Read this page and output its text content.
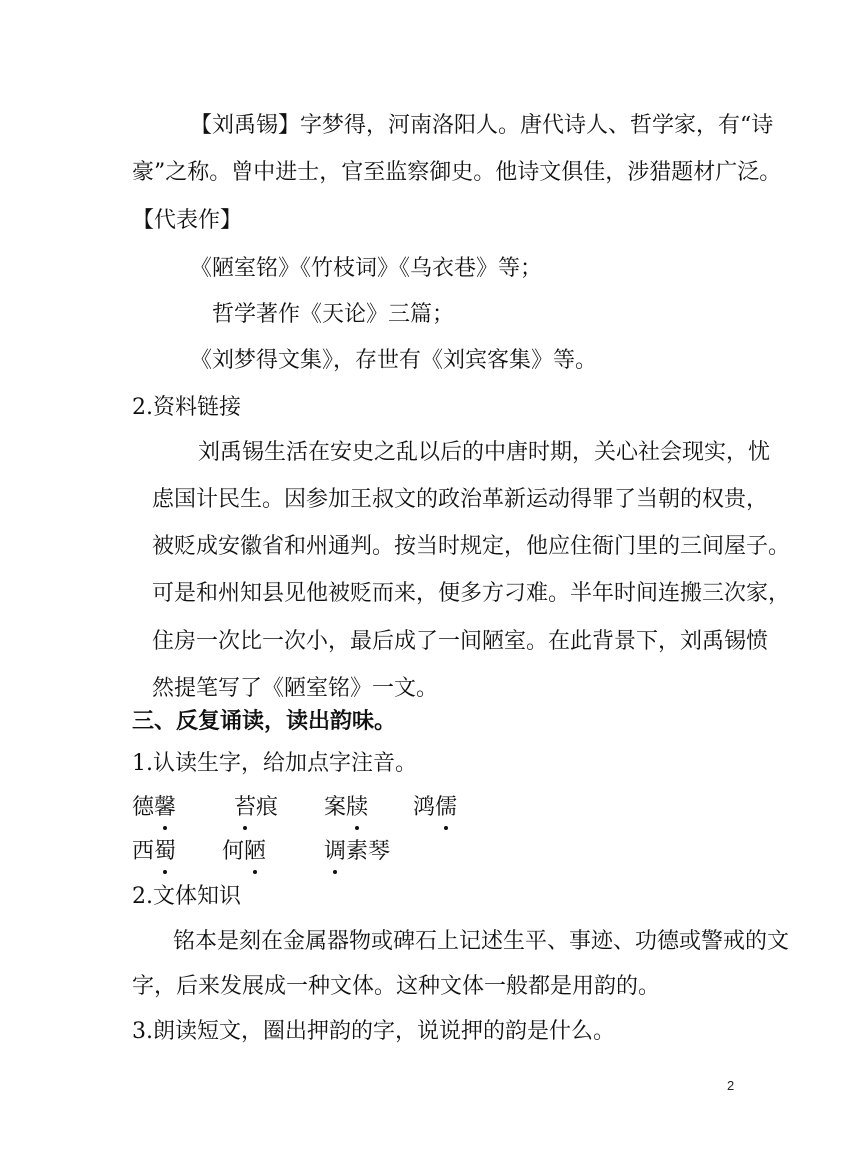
【刘禹锡】字梦得，河南洛阳人。唐代诗人、哲学家，有“诗
豪”之称。曾中进士，官至监察御史。他诗文俱佳，涉猎题材广泛。
【代表作】
《陋室铭》《竹枝词》《乌衣巷》等；
哲学著作《天论》三篇；
《刘梦得文集》，存世有《刘宾客集》等。
2.资料链接
刘禹锡生活在安史之乱以后的中唐时期，关心社会现实，忧
虑国计民生。因参加王叔文的政治革新运动得罪了当朝的权贵，
被贬成安徽省和州通判。按当时规定，他应住衙门里的三间屋子。
可是和州知县见他被贬而来，便多方刁难。半年时间连搬三次家，
住房一次比一次小，最后成了一间陋室。在此背景下，刘禹锡愤
然提笔写了《陋室铭》一文。
三、反复诵读，读出韵味。
1.认读生字，给加点字注音。
德馨	苔痕 案牍 鸿儒
西蜀 何陋	调素琴
2.文体知识
铭本是刻在金属器物或碑石上记述生平、事迹、功德或警戒的文
字，后来发展成一种文体。这种文体一般都是用韵的。
3.朗读短文，圈出押韵的字，说说押的韵是什么。
2
